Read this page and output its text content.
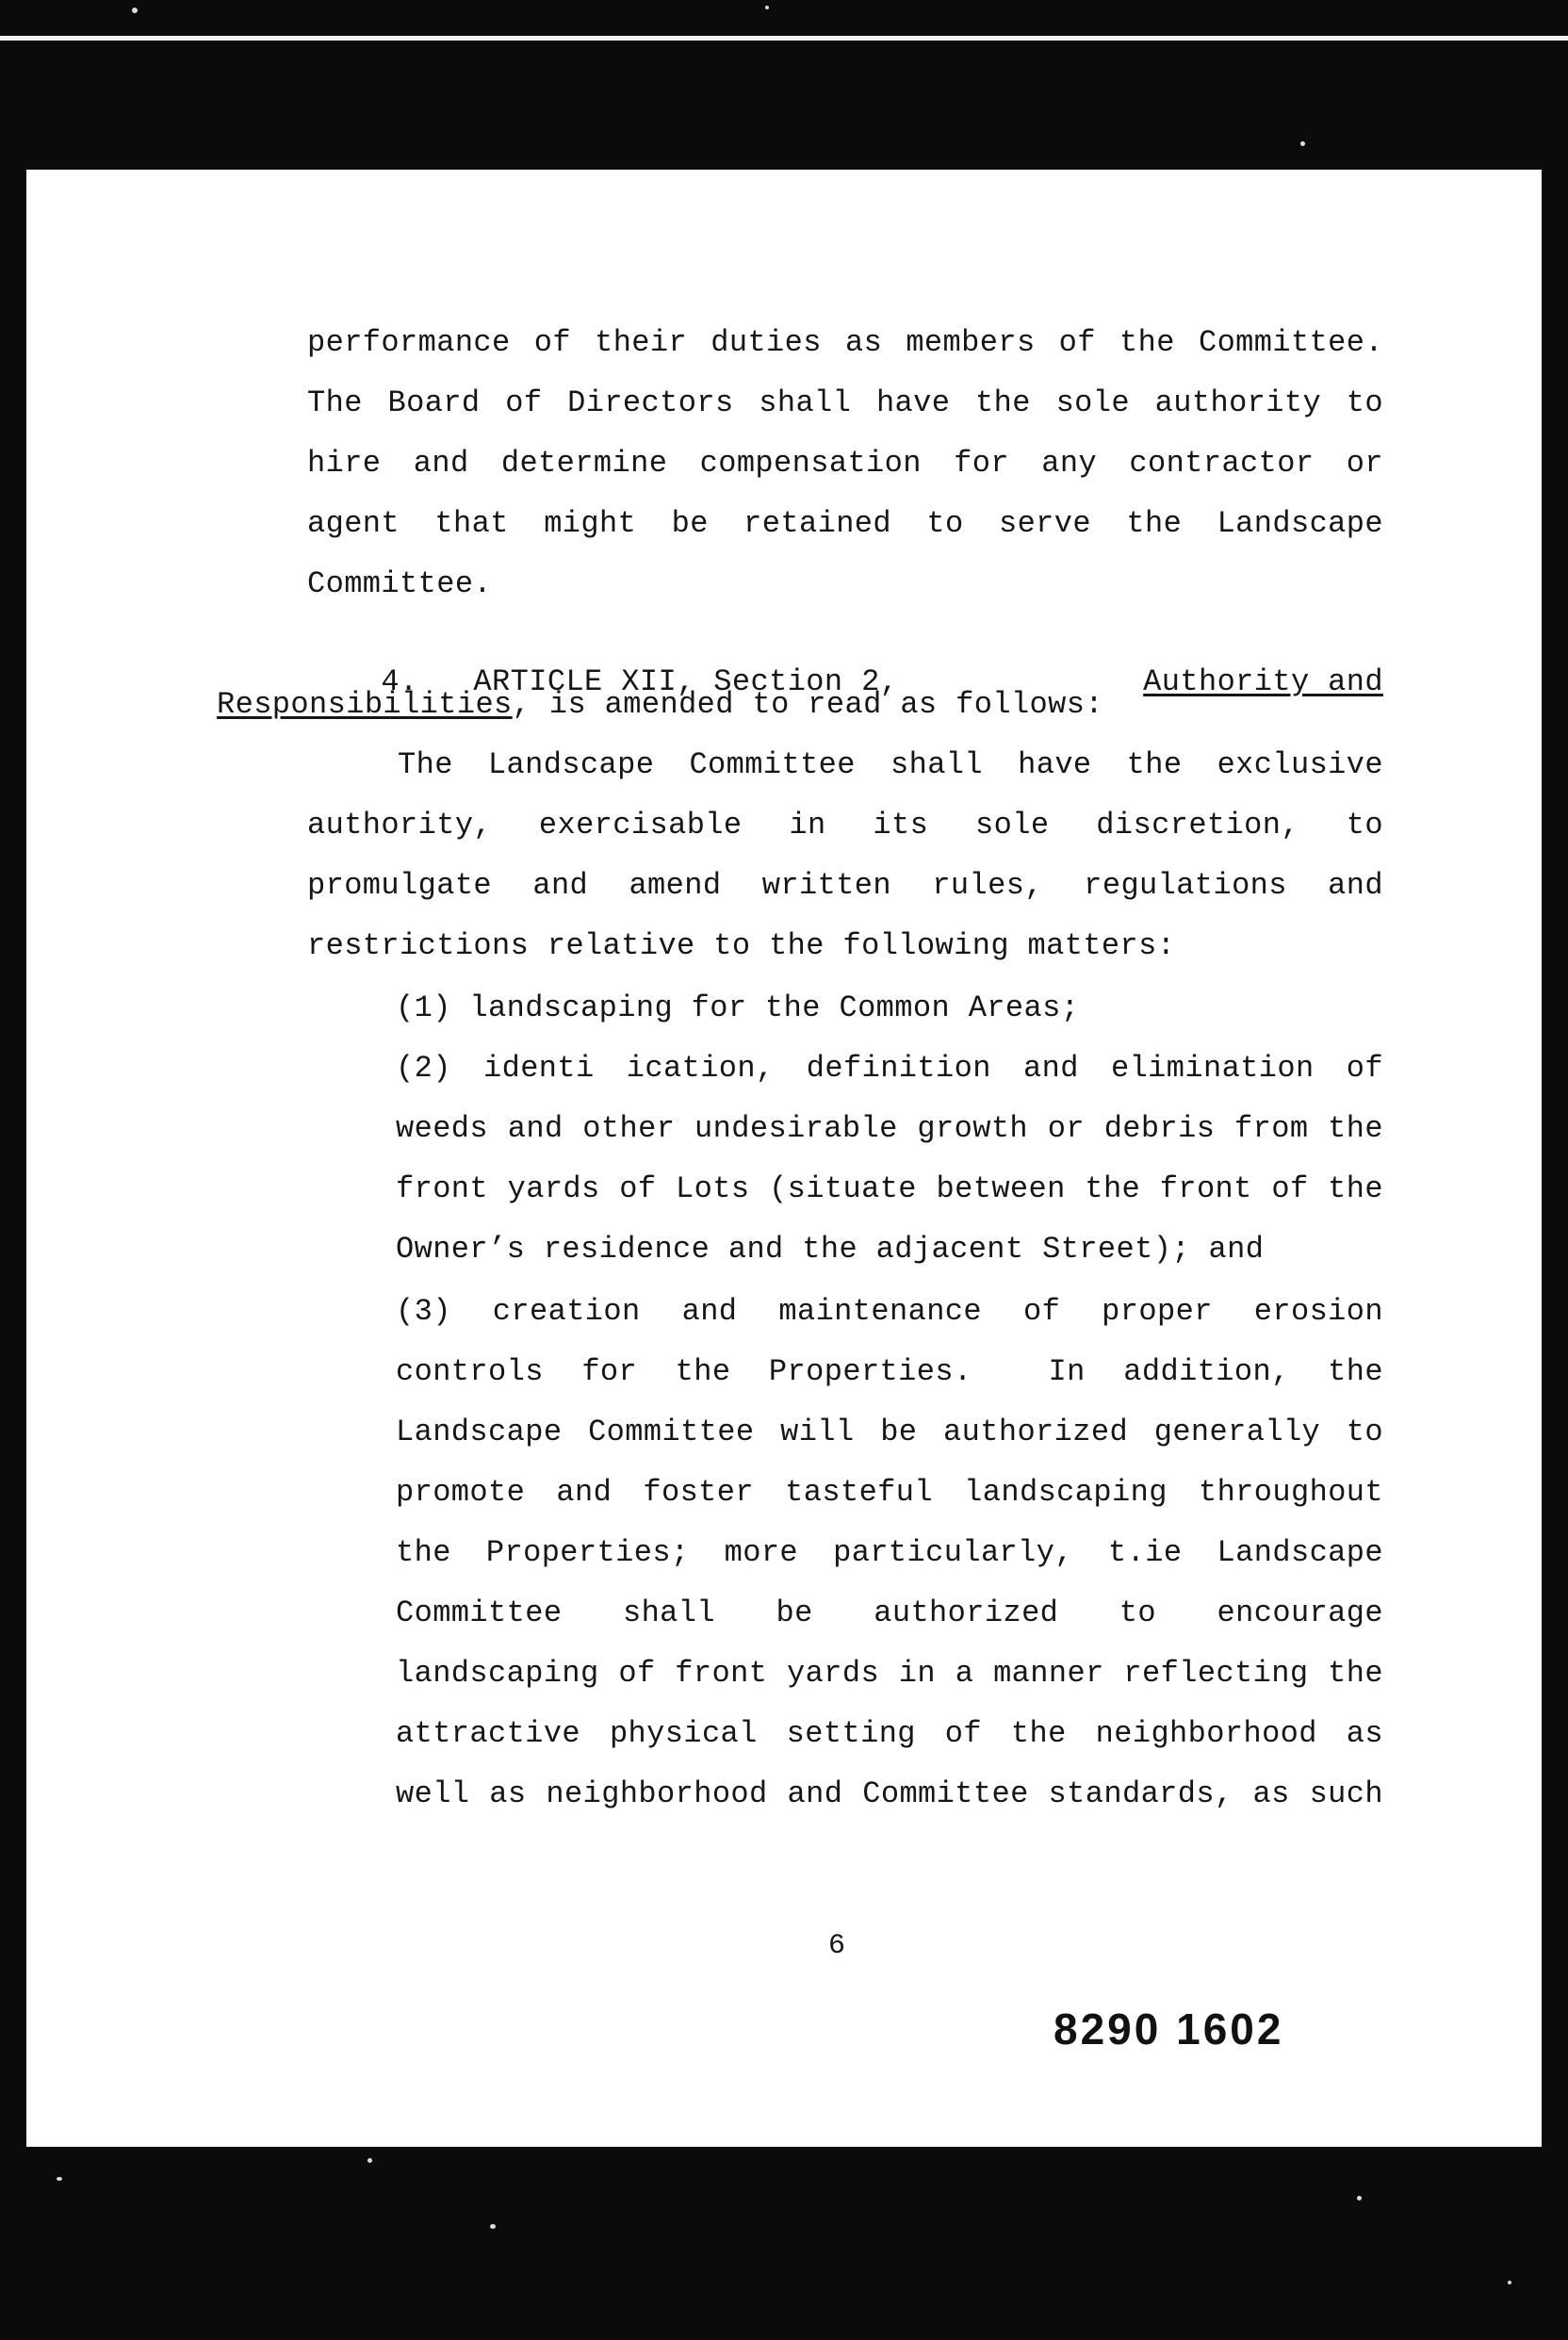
performance of their duties as members of the Committee.
The Board of Directors shall have the sole authority to
hire and determine compensation for any contractor or
agent that might be retained to serve the Landscape
Committee.

4.   ARTICLE XII, Section 2,	Authority and

Responsibilities, is amended to read as follows:
The Landscape Committee shall have the exclusive
authority, exercisable in its sole discretion, to
promulgate and amend written rules, regulations and
restrictions relative to the following matters:
(1) landscaping for the Common Areas;
(2) identi ication, definition and elimination of
weeds and other undesirable growth or debris from the
front yards of Lots (situate between the front of the
Owner’s residence and the adjacent Street); and
(3) creation and maintenance of proper erosion
controls for the Properties.  In addition, the
Landscape Committee will be authorized generally to
promote and foster tasteful landscaping throughout
the Properties; more particularly, t.ie Landscape
Committee shall be authorized to encourage
landscaping of front yards in a manner reflecting the
attractive physical setting of the neighborhood as
well as neighborhood and Committee standards, as such
6
8290 1602
